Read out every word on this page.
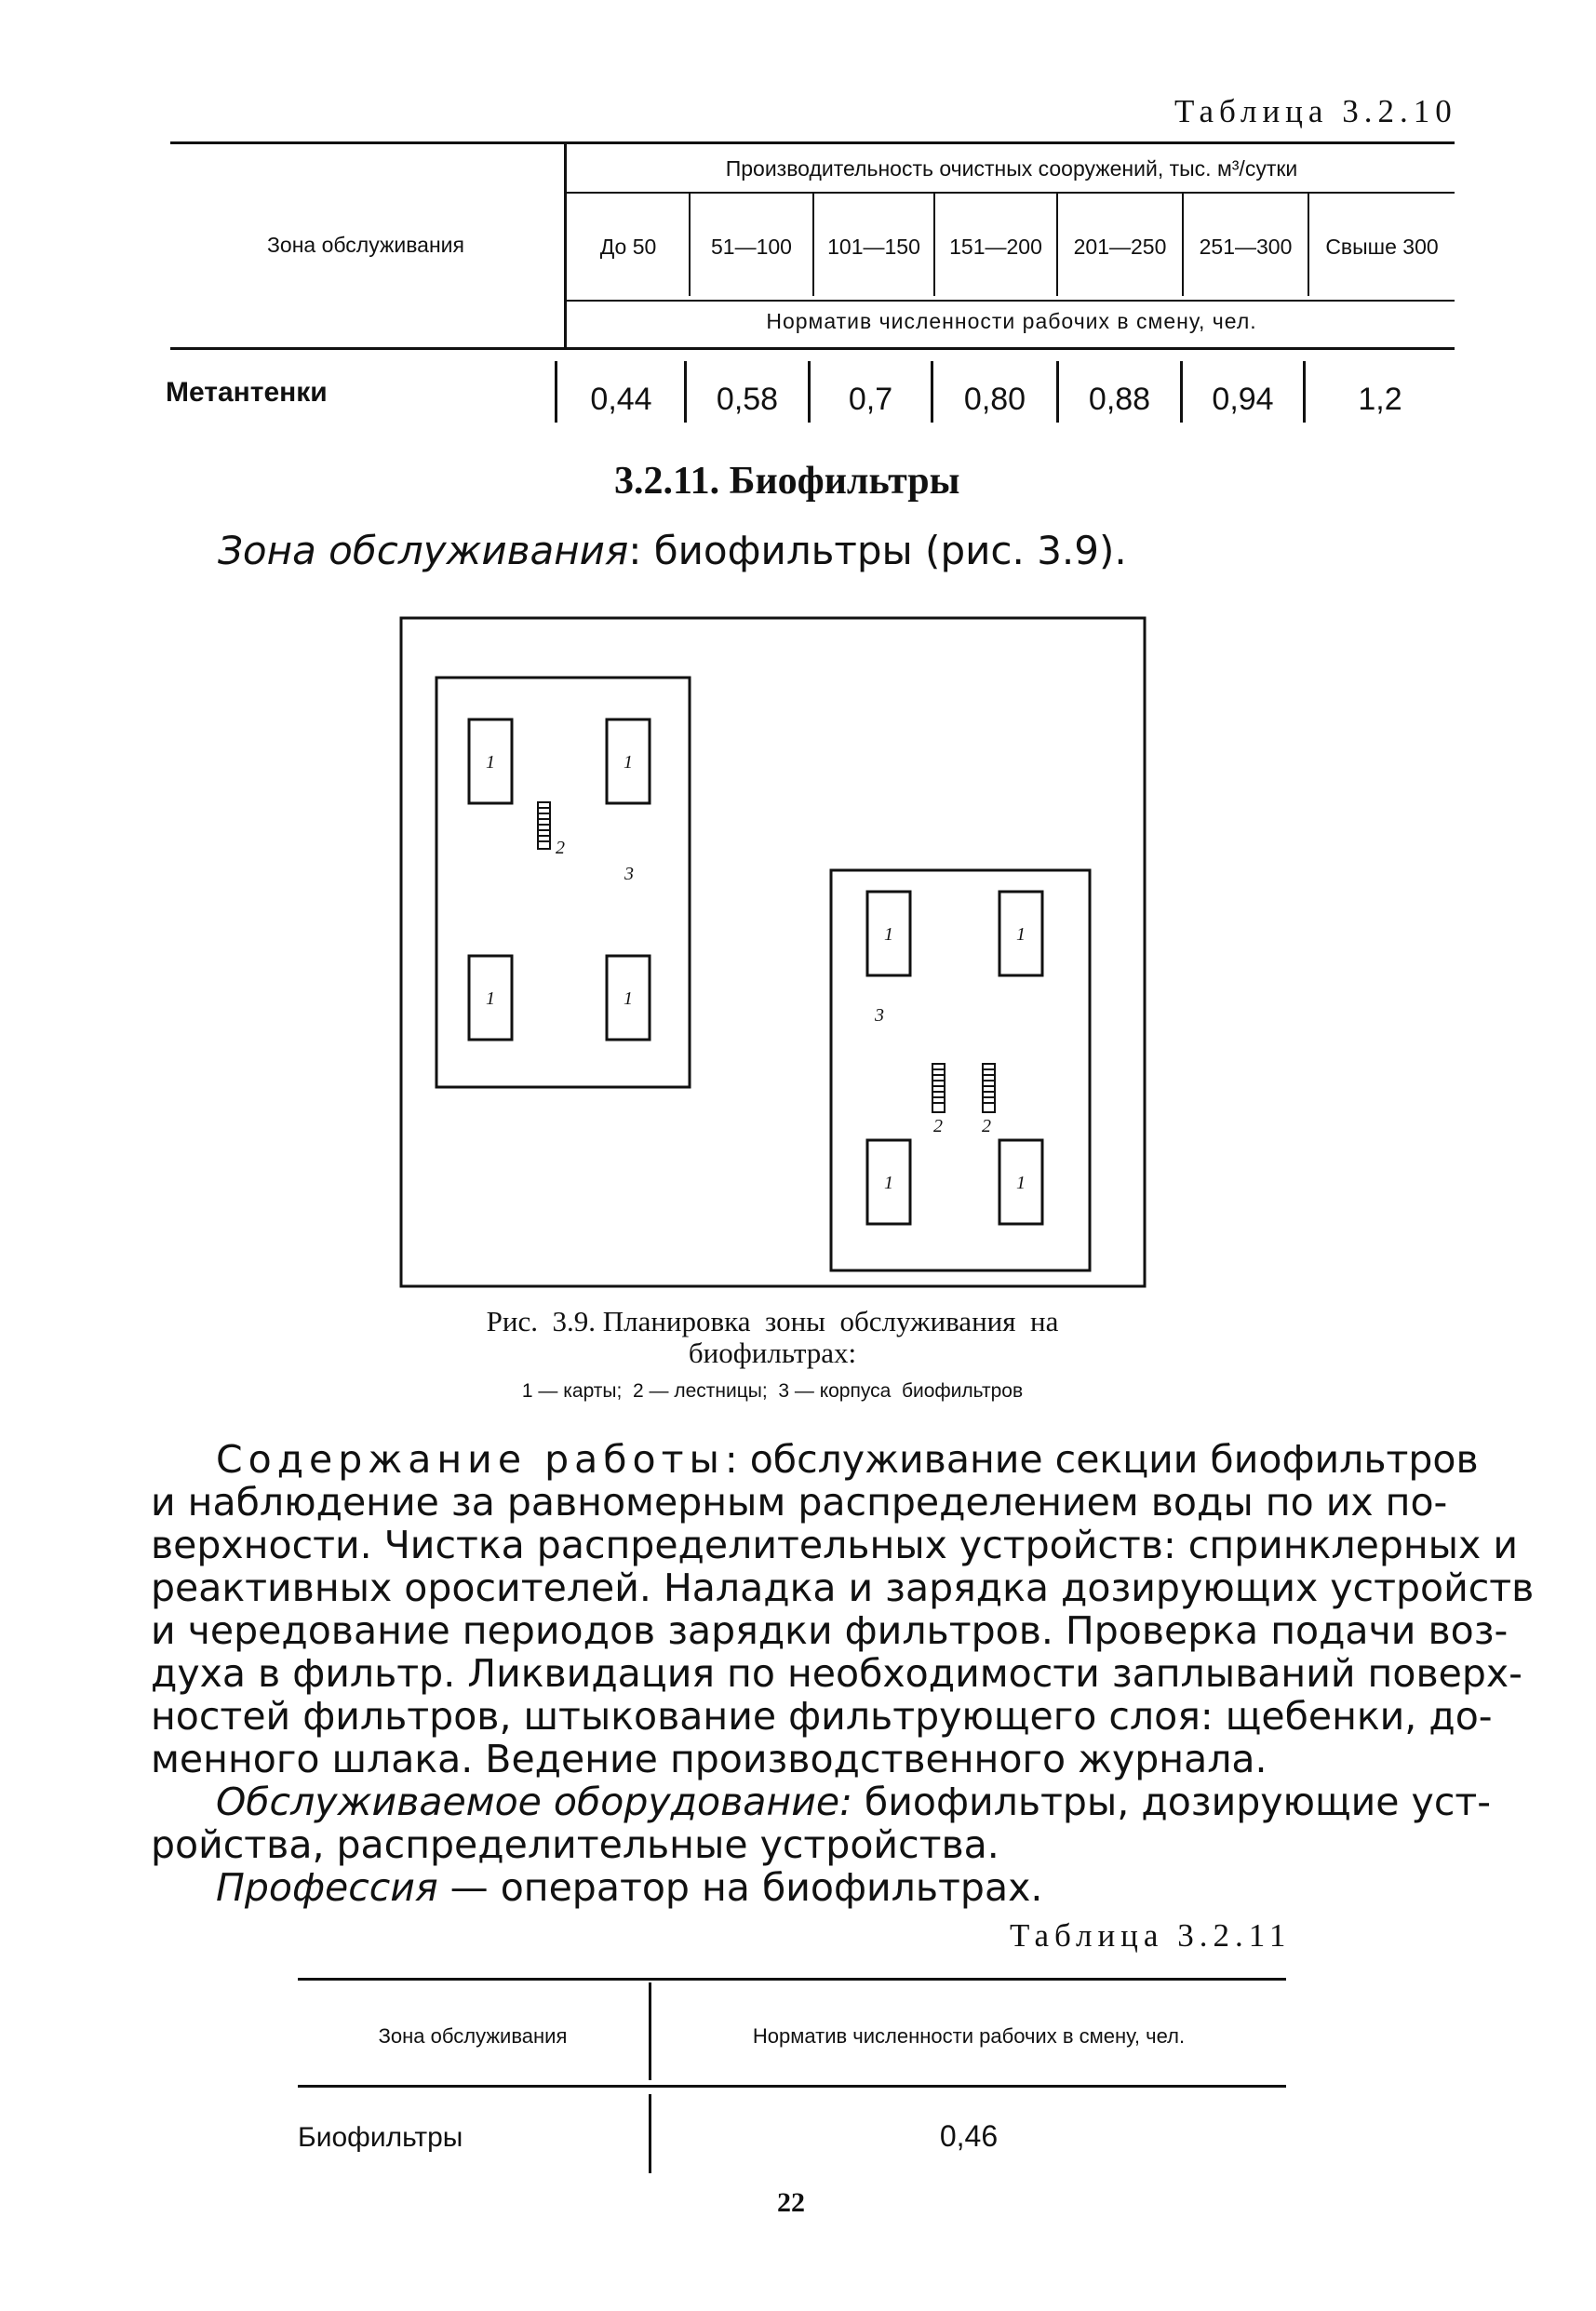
Таблица 3.2.10
Производительность очистных сооружений, тыс. м³/сутки
Зона обслуживания	До 50	51—100	101—150	151—200	201—250	251—300	Свыше 300
Норматив численности рабочих в смену, чел.
Метантенки	0,44	0,58	0,7	0,80	0,88	0,94	1,2
3.2.11. Биофильтры
Зона обслуживания: биофильтры (рис. 3.9).
1	1
1	1
1	1
1	1
2
2 2
3
3
Рис.  3.9. Планировка  зоны  обслуживания  на
биофильтрах:
1 — карты;  2 — лестницы;  3 — корпуса  биофильтров
Содержание работы: обслуживание секции биофильтров
и наблюдение за равномерным распределением воды по их по-
верхности. Чистка распределительных устройств: спринклерных и
реактивных оросителей. Наладка и зарядка дозирующих устройств
и чередование периодов зарядки фильтров. Проверка подачи воз-
духа в фильтр. Ликвидация по необходимости заплываний поверх-
ностей фильтров, штыкование фильтрующего слоя: щебенки, до-
менного шлака. Ведение производственного журнала.
Обслуживаемое оборудование: биофильтры, дозирующие уст-
ройства, распределительные устройства.
Профессия — оператор на биофильтрах.
Таблица 3.2.11
Зона обслуживания	Норматив численности рабочих в смену, чел.
Биофильтры	0,46
22
